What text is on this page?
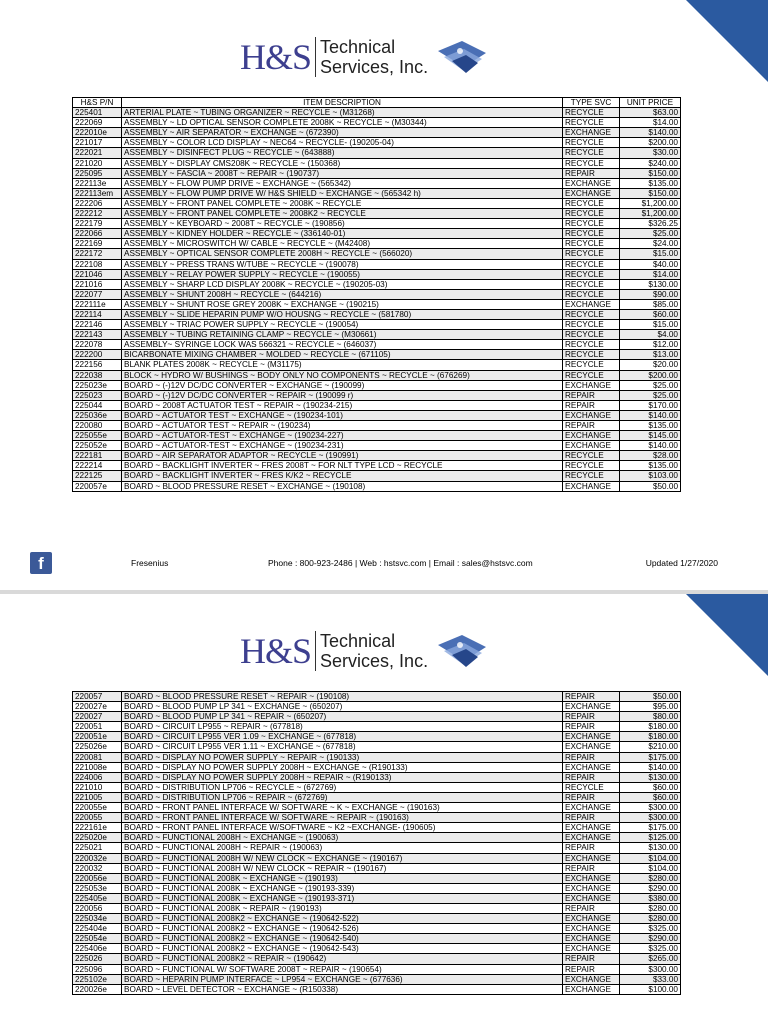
H&S Technical
Services, Inc.
H&S P/N	ITEM DESCRIPTION	TYPE SVC	UNIT PRICE
225401	ARTERIAL PLATE ~ TUBING ORGANIZER ~ RECYCLE ~ (M31268)	RECYCLE	$63.00
222069	ASSEMBLY ~ LD OPTICAL SENSOR COMPLETE 2008K ~ RECYCLE ~ (M30344)	RECYCLE	$14.00
222010e	ASSEMBLY ~ AIR SEPARATOR ~ EXCHANGE ~ (672390)	EXCHANGE	$140.00
221017	ASSEMBLY ~ COLOR LCD DISPLAY ~ NEC64 ~ RECYCLE- (190205-04)	RECYCLE	$200.00
222021	ASSEMBLY ~ DISINFECT PLUG ~ RECYCLE ~ (643888)	RECYCLE	$30.00
221020	ASSEMBLY ~ DISPLAY CMS208K ~ RECYCLE ~ (150368)	RECYCLE	$240.00
225095	ASSEMBLY ~ FASCIA ~ 2008T ~ REPAIR ~ (190737)	REPAIR	$150.00
222113e	ASSEMBLY ~ FLOW PUMP DRIVE ~ EXCHANGE ~ (565342)	EXCHANGE	$135.00
222113em	ASSEMBLY ~ FLOW PUMP DRIVE W/ H&S SHIELD ~ EXCHANGE ~ (565342 h)	EXCHANGE	$150.00
222206	ASSEMBLY ~ FRONT PANEL COMPLETE ~ 2008K ~ RECYCLE	RECYCLE	$1,200.00
222212	ASSEMBLY ~ FRONT PANEL COMPLETE ~ 2008K2 ~ RECYCLE	RECYCLE	$1,200.00
222179	ASSEMBLY ~ KEYBOARD ~ 2008T ~ RECYCLE ~ (190856)	RECYCLE	$326.25
222066	ASSEMBLY ~ KIDNEY HOLDER ~ RECYCLE ~ (336140-01)	RECYCLE	$25.00
222169	ASSEMBLY ~ MICROSWITCH W/ CABLE ~ RECYCLE ~ (M42408)	RECYCLE	$24.00
222172	ASSEMBLY ~ OPTICAL SENSOR COMPLETE 2008H ~ RECYCLE ~ (566020)	RECYCLE	$15.00
222108	ASSEMBLY ~ PRESS TRANS W/TUBE ~ RECYCLE ~ (190078)	RECYCLE	$40.00
221046	ASSEMBLY ~ RELAY POWER SUPPLY ~ RECYCLE ~ (190055)	RECYCLE	$14.00
221016	ASSEMBLY ~ SHARP LCD DISPLAY 2008K ~ RECYCLE ~ (190205-03)	RECYCLE	$130.00
222077	ASSEMBLY ~ SHUNT 2008H ~ RECYCLE ~ (644216)	RECYCLE	$90.00
222111e	ASSEMBLY ~ SHUNT ROSE GREY 2008K ~ EXCHANGE ~ (190215)	EXCHANGE	$85.00
222114	ASSEMBLY ~ SLIDE HEPARIN PUMP W/O HOUSNG ~ RECYCLE ~ (581780)	RECYCLE	$60.00
222146	ASSEMBLY ~ TRIAC POWER SUPPLY ~ RECYCLE ~ (190054)	RECYCLE	$15.00
222143	ASSEMBLY ~ TUBING RETAINING CLAMP ~ RECYCLE ~ (M30661)	RECYCLE	$4.00
222078	ASSEMBLY~ SYRINGE LOCK WAS 566321 ~ RECYCLE ~ (646037)	RECYCLE	$12.00
222200	BICARBONATE MIXING CHAMBER ~ MOLDED ~ RECYCLE ~ (671105)	RECYCLE	$13.00
222156	BLANK PLATES 2008K ~ RECYCLE ~ (M31175)	RECYCLE	$20.00
222038	BLOCK ~ HYDRO W/ BUSHINGS ~ BODY ONLY NO COMPONENTS ~ RECYCLE ~ (676269)	RECYCLE	$200.00
225023e	BOARD ~ (-)12V DC/DC CONVERTER ~ EXCHANGE ~ (190099)	EXCHANGE	$25.00
225023	BOARD ~ (-)12V DC/DC CONVERTER ~ REPAIR ~ (190099 r)	REPAIR	$25.00
225044	BOARD ~ 2008T ACTUATOR TEST ~ REPAIR ~ (190234-215)	REPAIR	$170.00
225036e	BOARD ~ ACTUATOR TEST ~ EXCHANGE ~ (190234-101)	EXCHANGE	$140.00
220080	BOARD ~ ACTUATOR TEST ~ REPAIR ~ (190234)	REPAIR	$135.00
225055e	BOARD ~ ACTUATOR-TEST ~ EXCHANGE ~ (190234-227)	EXCHANGE	$145.00
225052e	BOARD ~ ACTUATOR-TEST ~ EXCHANGE ~ (190234-231)	EXCHANGE	$140.00
222181	BOARD ~ AIR SEPARATOR ADAPTOR ~ RECYCLE ~ (190991)	RECYCLE	$28.00
222214	BOARD ~ BACKLIGHT INVERTER ~ FRES 2008T ~ FOR NLT TYPE LCD ~ RECYCLE	RECYCLE	$135.00
222125	BOARD ~ BACKLIGHT INVERTER ~ FRES K/K2 ~ RECYCLE	RECYCLE	$103.00
220057e	BOARD ~ BLOOD PRESSURE RESET ~ EXCHANGE ~ (190108)	EXCHANGE	$50.00
f	Fresenius	Phone : 800-923-2486 | Web : hstsvc.com | Email : sales@hstsvc.com	Updated 1/27/2020
H&S Technical
Services, Inc.
220057	BOARD ~ BLOOD PRESSURE RESET ~ REPAIR ~ (190108)	REPAIR	$50.00
220027e	BOARD ~ BLOOD PUMP LP 341 ~ EXCHANGE ~ (650207)	EXCHANGE	$95.00
220027	BOARD ~ BLOOD PUMP LP 341 ~ REPAIR ~ (650207)	REPAIR	$80.00
220051	BOARD ~ CIRCUIT LP955 ~ REPAIR ~ (677818)	REPAIR	$180.00
220051e	BOARD ~ CIRCUIT LP955 VER 1.09 ~ EXCHANGE ~ (677818)	EXCHANGE	$180.00
225026e	BOARD ~ CIRCUIT LP955 VER 1.11 ~ EXCHANGE ~ (677818)	EXCHANGE	$210.00
220081	BOARD ~ DISPLAY NO POWER SUPPLY ~ REPAIR ~ (190133)	REPAIR	$175.00
221008e	BOARD ~ DISPLAY NO POWER SUPPLY 2008H ~ EXCHANGE ~ (R190133)	EXCHANGE	$140.00
224006	BOARD ~ DISPLAY NO POWER SUPPLY 2008H ~ REPAIR ~ (R190133)	REPAIR	$130.00
221010	BOARD ~ DISTRIBUTION LP706 ~ RECYCLE ~ (672769)	RECYCLE	$60.00
221005	BOARD ~ DISTRIBUTION LP706 ~ REPAIR ~ (672769)	REPAIR	$60.00
220055e	BOARD ~ FRONT PANEL INTERFACE W/ SOFTWARE ~ K ~ EXCHANGE ~ (190163)	EXCHANGE	$300.00
220055	BOARD ~ FRONT PANEL INTERFACE W/ SOFTWARE ~ REPAIR ~ (190163)	REPAIR	$300.00
222161e	BOARD ~ FRONT PANEL INTERFACE W/SOFTWARE ~ K2 ~EXCHANGE- (190605)	EXCHANGE	$175.00
225020e	BOARD ~ FUNCTIONAL 2008H ~ EXCHANGE ~ (190063)	EXCHANGE	$125.00
225021	BOARD ~ FUNCTIONAL 2008H ~ REPAIR ~ (190063)	REPAIR	$130.00
220032e	BOARD ~ FUNCTIONAL 2008H W/ NEW CLOCK ~ EXCHANGE ~ (190167)	EXCHANGE	$104.00
220032	BOARD ~ FUNCTIONAL 2008H W/ NEW CLOCK ~ REPAIR ~ (190167)	REPAIR	$104.00
220056e	BOARD ~ FUNCTIONAL 2008K ~ EXCHANGE ~ (190193)	EXCHANGE	$280.00
225053e	BOARD ~ FUNCTIONAL 2008K ~ EXCHANGE ~ (190193-339)	EXCHANGE	$290.00
225405e	BOARD ~ FUNCTIONAL 2008K ~ EXCHANGE ~ (190193-371)	EXCHANGE	$380.00
220056	BOARD ~ FUNCTIONAL 2008K ~ REPAIR ~ (190193)	REPAIR	$280.00
225034e	BOARD ~ FUNCTIONAL 2008K2 ~ EXCHANGE ~ (190642-522)	EXCHANGE	$280.00
225404e	BOARD ~ FUNCTIONAL 2008K2 ~ EXCHANGE ~ (190642-526)	EXCHANGE	$325.00
225054e	BOARD ~ FUNCTIONAL 2008K2 ~ EXCHANGE ~ (190642-540)	EXCHANGE	$290.00
225406e	BOARD ~ FUNCTIONAL 2008K2 ~ EXCHANGE ~ (190642-543)	EXCHANGE	$325.00
225026	BOARD ~ FUNCTIONAL 2008K2 ~ REPAIR ~ (190642)	REPAIR	$265.00
225096	BOARD ~ FUNCTIONAL W/ SOFTWARE 2008T ~ REPAIR ~ (190654)	REPAIR	$300.00
225102e	BOARD ~ HEPARIN PUMP INTERFACE ~ LP954 ~ EXCHANGE ~ (677636)	EXCHANGE	$33.00
220026e	BOARD ~ LEVEL DETECTOR ~ EXCHANGE ~ (R150338)	EXCHANGE	$100.00
